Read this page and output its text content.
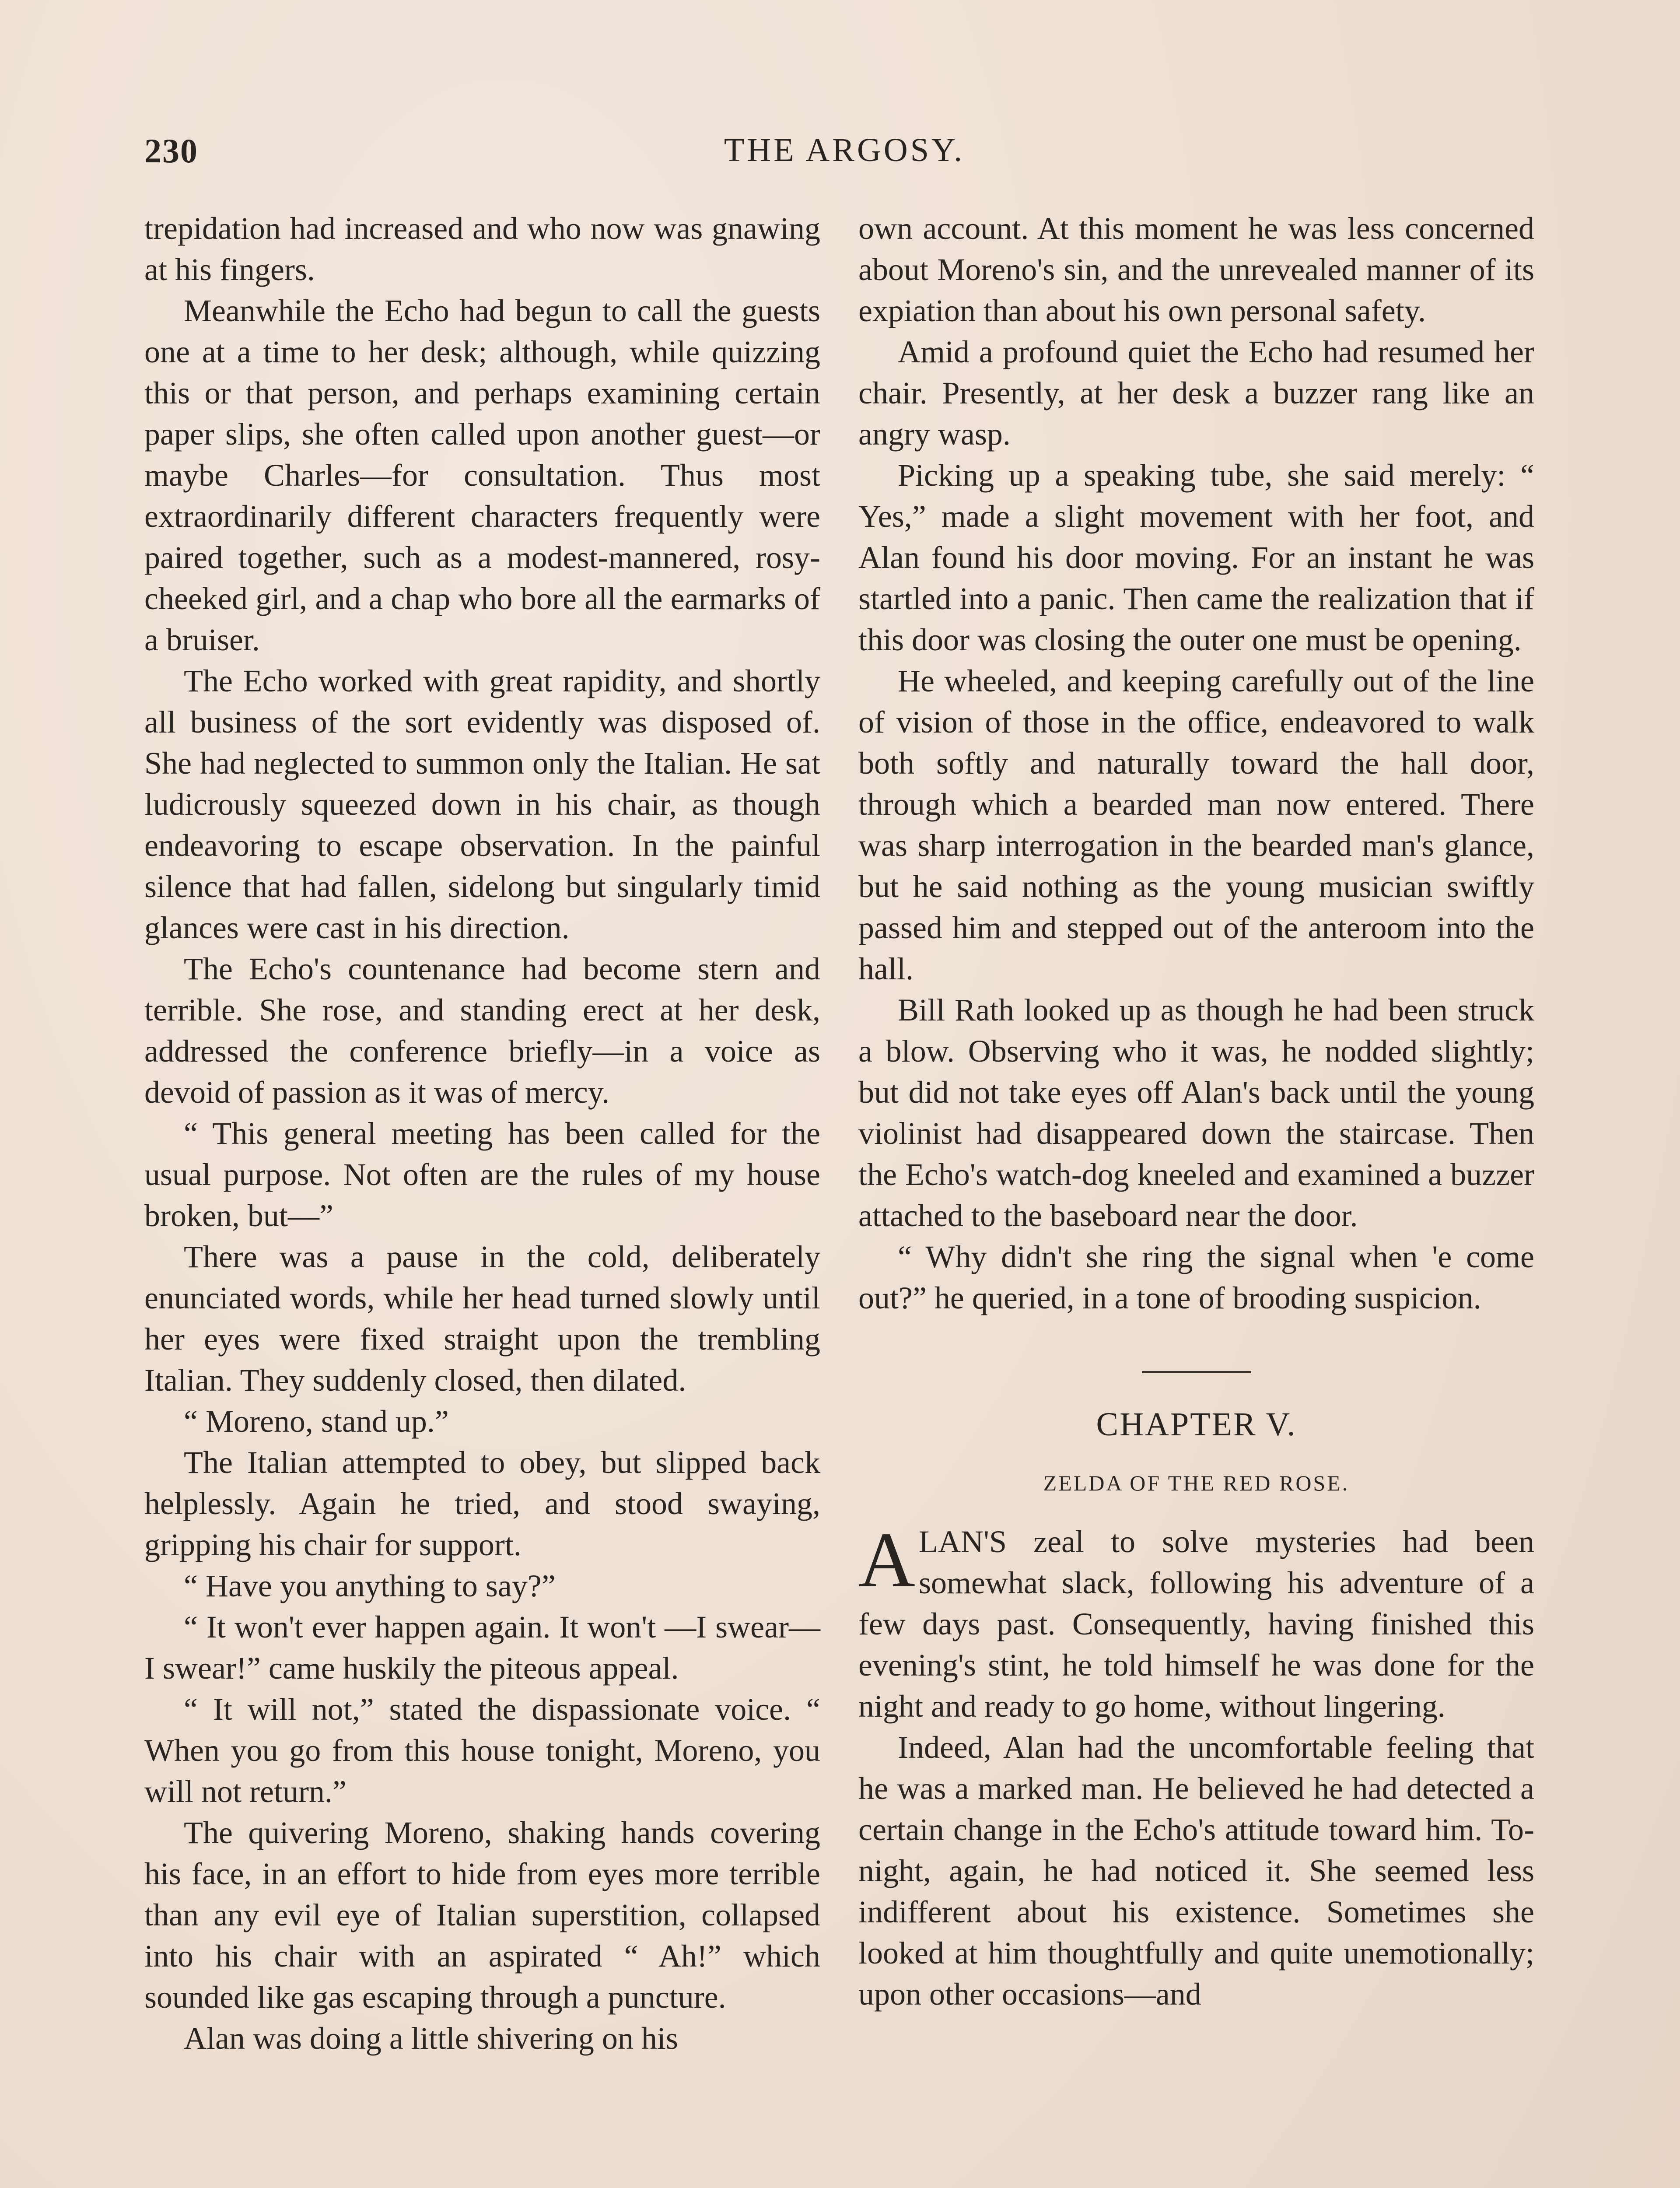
230	THE ARGOSY.

trepidation had increased and who now was gnawing at his fingers.

Meanwhile the Echo had begun to call the guests one at a time to her desk; although, while quizzing this or that person, and perhaps examining certain paper slips, she often called upon another guest—or maybe Charles—for consultation. Thus most extraordinarily different characters frequently were paired together, such as a modest-mannered, rosy-cheeked girl, and a chap who bore all the earmarks of a bruiser.

The Echo worked with great rapidity, and shortly all business of the sort evidently was disposed of. She had neglected to summon only the Italian. He sat ludicrously squeezed down in his chair, as though endeavoring to escape observation. In the painful silence that had fallen, sidelong but singularly timid glances were cast in his direction.

The Echo's countenance had become stern and terrible. She rose, and standing erect at her desk, addressed the conference briefly—in a voice as devoid of passion as it was of mercy.

“ This general meeting has been called for the usual purpose. Not often are the rules of my house broken, but—”

There was a pause in the cold, deliberately enunciated words, while her head turned slowly until her eyes were fixed straight upon the trembling Italian. They suddenly closed, then dilated.

“ Moreno, stand up.”

The Italian attempted to obey, but slipped back helplessly. Again he tried, and stood swaying, gripping his chair for support.

“ Have you anything to say?”

“ It won't ever happen again. It won't —I swear—I swear!” came huskily the piteous appeal.

“ It will not,” stated the dispassionate voice. “ When you go from this house tonight, Moreno, you will not return.”

The quivering Moreno, shaking hands covering his face, in an effort to hide from eyes more terrible than any evil eye of Italian superstition, collapsed into his chair with an aspirated “ Ah!” which sounded like gas escaping through a puncture.

Alan was doing a little shivering on his

own account. At this moment he was less concerned about Moreno's sin, and the unrevealed manner of its expiation than about his own personal safety.

Amid a profound quiet the Echo had resumed her chair. Presently, at her desk a buzzer rang like an angry wasp.

Picking up a speaking tube, she said merely: “ Yes,” made a slight movement with her foot, and Alan found his door moving. For an instant he was startled into a panic. Then came the realization that if this door was closing the outer one must be opening.

He wheeled, and keeping carefully out of the line of vision of those in the office, endeavored to walk both softly and naturally toward the hall door, through which a bearded man now entered. There was sharp interrogation in the bearded man's glance, but he said nothing as the young musician swiftly passed him and stepped out of the anteroom into the hall.

Bill Rath looked up as though he had been struck a blow. Observing who it was, he nodded slightly; but did not take eyes off Alan's back until the young violinist had disappeared down the staircase. Then the Echo's watch-dog kneeled and examined a buzzer attached to the baseboard near the door.

“ Why didn't she ring the signal when 'e come out?” he queried, in a tone of brooding suspicion.

CHAPTER V.
ZELDA OF THE RED ROSE.

ALAN'S zeal to solve mysteries had been somewhat slack, following his adventure of a few days past. Consequently, having finished this evening's stint, he told himself he was done for the night and ready to go home, without lingering.

Indeed, Alan had the uncomfortable feeling that he was a marked man. He believed he had detected a certain change in the Echo's attitude toward him. To-night, again, he had noticed it. She seemed less indifferent about his existence. Sometimes she looked at him thoughtfully and quite unemotionally; upon other occasions—and
